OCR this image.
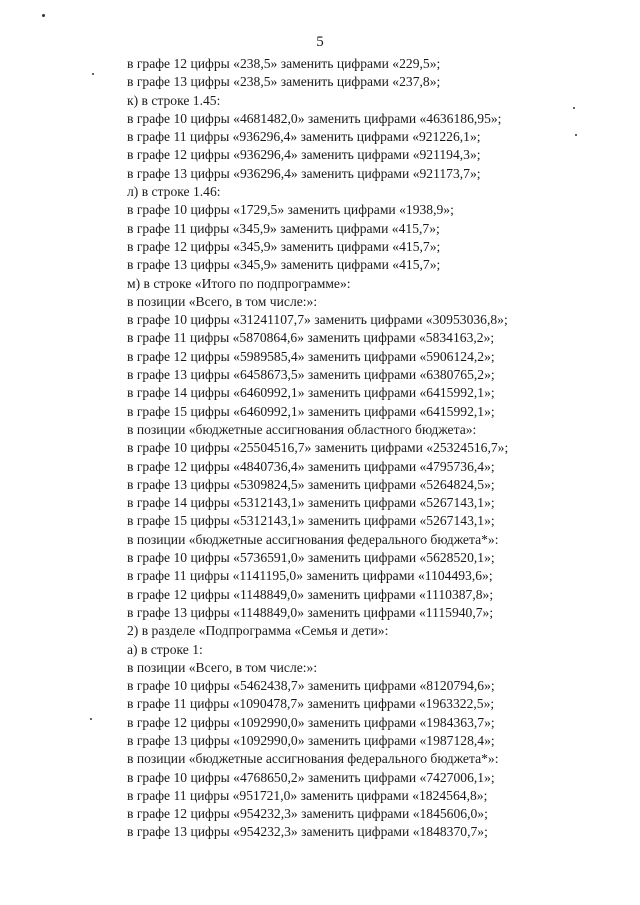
5
в графе 12 цифры «238,5» заменить цифрами «229,5»;
в графе 13 цифры «238,5» заменить цифрами «237,8»;
к) в строке 1.45:
в графе 10 цифры «4681482,0» заменить цифрами «4636186,95»;
в графе 11 цифры «936296,4» заменить цифрами «921226,1»;
в графе 12 цифры «936296,4» заменить цифрами «921194,3»;
в графе 13 цифры «936296,4» заменить цифрами «921173,7»;
л) в строке 1.46:
в графе 10 цифры «1729,5» заменить цифрами «1938,9»;
в графе 11 цифры «345,9» заменить цифрами «415,7»;
в графе 12 цифры «345,9» заменить цифрами «415,7»;
в графе 13 цифры «345,9» заменить цифрами «415,7»;
м) в строке «Итого по подпрограмме»:
в позиции «Всего, в том числе:»:
в графе 10 цифры «31241107,7» заменить цифрами «30953036,8»;
в графе 11 цифры «5870864,6» заменить цифрами «5834163,2»;
в графе 12 цифры «5989585,4» заменить цифрами «5906124,2»;
в графе 13 цифры «6458673,5» заменить цифрами «6380765,2»;
в графе 14 цифры «6460992,1» заменить цифрами «6415992,1»;
в графе 15 цифры «6460992,1» заменить цифрами «6415992,1»;
в позиции «бюджетные ассигнования областного бюджета»:
в графе 10 цифры «25504516,7» заменить цифрами «25324516,7»;
в графе 12 цифры «4840736,4» заменить цифрами «4795736,4»;
в графе 13 цифры «5309824,5» заменить цифрами «5264824,5»;
в графе 14 цифры «5312143,1» заменить цифрами «5267143,1»;
в графе 15 цифры «5312143,1» заменить цифрами «5267143,1»;
в позиции «бюджетные ассигнования федерального бюджета*»:
в графе 10 цифры «5736591,0» заменить цифрами «5628520,1»;
в графе 11 цифры «1141195,0» заменить цифрами «1104493,6»;
в графе 12 цифры «1148849,0» заменить цифрами «1110387,8»;
в графе 13 цифры «1148849,0» заменить цифрами «1115940,7»;
2) в разделе «Подпрограмма «Семья и дети»:
а) в строке 1:
в позиции «Всего, в том числе:»:
в графе 10 цифры «5462438,7» заменить цифрами «8120794,6»;
в графе 11 цифры «1090478,7» заменить цифрами «1963322,5»;
в графе 12 цифры «1092990,0» заменить цифрами «1984363,7»;
в графе 13 цифры «1092990,0» заменить цифрами «1987128,4»;
в позиции «бюджетные ассигнования федерального бюджета*»:
в графе 10 цифры «4768650,2» заменить цифрами «7427006,1»;
в графе 11 цифры «951721,0» заменить цифрами «1824564,8»;
в графе 12 цифры «954232,3» заменить цифрами «1845606,0»;
в графе 13 цифры «954232,3» заменить цифрами «1848370,7»;
